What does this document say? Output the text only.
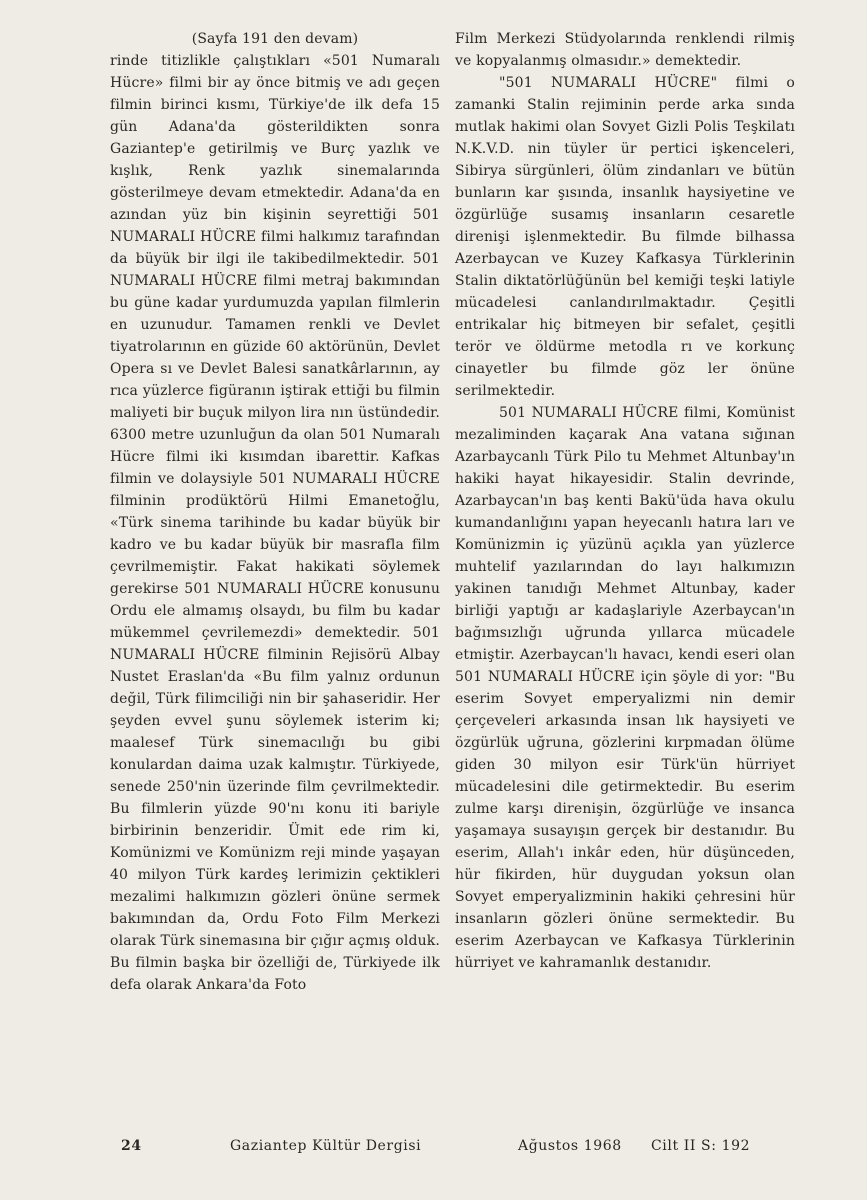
(Sayfa 191 den devam)

rinde titizlikle çalıştıkları «501 Numaralı Hücre» filmi bir ay önce bitmiş ve adı geçen filmin birinci kısmı, Türkiye'de ilk defa 15 gün Adana'da gösterildikten sonra Gaziantep'e getirilmiş ve Burç yazlık ve kışlık, Renk yazlık sinemalarında gösterilmeye devam etmektedir. Adana'da en azından yüz bin kişinin seyrettiği 501 NUMARALI HÜCRE filmi halkımız tarafından da büyük bir ilgi ile takibedilmektedir. 501 NUMARALI HÜCRE filmi metraj bakımından bu güne kadar yurdumuzda yapılan filmlerin en uzunudur. Tamamen renkli ve Devlet tiyatrolarının en güzide 60 aktörünün, Devlet Opera sı ve Devlet Balesi sanatkârlarının, ay rıca yüzlerce figüranın iştirak ettiği bu filmin maliyeti bir buçuk milyon lira nın üstündedir. 6300 metre uzunluğun da olan 501 Numaralı Hücre filmi iki kısımdan ibarettir. Kafkas filmin ve dolaysiyle 501 NUMARALI HÜCRE filminin prodüktörü Hilmi Emanetoğlu, «Türk sinema tarihinde bu kadar büyük bir kadro ve bu kadar büyük bir masrafla film çevrilmemiştir. Fakat hakikati söylemek gerekirse 501 NUMARALI HÜCRE konusunu Ordu ele almamış olsaydı, bu film bu kadar mükemmel çevrilemezdi» demektedir. 501 NUMARALI HÜCRE filminin Rejisörü Albay Nustet Eraslan'da «Bu film yalnız ordunun değil, Türk filimciliği nin bir şahaseridir. Her şeyden evvel şunu söylemek isterim ki; maalesef Türk sinemacılığı bu gibi konulardan daima uzak kalmıştır. Türkiyede, senede 250'nin üzerinde film çevrilmektedir. Bu filmlerin yüzde 90'nı konu iti bariyle birbirinin benzeridir. Ümit ede rim ki, Komünizmi ve Komünizm reji minde yaşayan 40 milyon Türk kardeş lerimizin çektikleri mezalimi halkımızın gözleri önüne sermek bakımından da, Ordu Foto Film Merkezi olarak Türk sinemasına bir çığır açmış olduk. Bu filmin başka bir özelliği de, Türkiyede ilk defa olarak Ankara'da Foto

Film Merkezi Stüdyolarında renklendi rilmiş ve kopyalanmış olmasıdır.» demektedir.

"501 NUMARALI HÜCRE" filmi o zamanki Stalin rejiminin perde arka sında mutlak hakimi olan Sovyet Gizli Polis Teşkilatı N.K.V.D. nin tüyler ür pertici işkenceleri, Sibirya sürgünleri, ölüm zindanları ve bütün bunların kar şısında, insanlık haysiyetine ve özgürlüğe susamış insanların cesaretle direnişi işlenmektedir. Bu filmde bilhassa Azerbaycan ve Kuzey Kafkasya Türklerinin Stalin diktatörlüğünün bel kemiği teşki latiyle mücadelesi canlandırılmaktadır. Çeşitli entrikalar hiç bitmeyen bir sefalet, çeşitli terör ve öldürme metodla rı ve korkunç cinayetler bu filmde göz ler önüne serilmektedir.

501 NUMARALI HÜCRE filmi, Komünist mezaliminden kaçarak Ana vatana sığınan Azarbaycanlı Türk Pilo tu Mehmet Altunbay'ın hakiki hayat hikayesidir. Stalin devrinde, Azarbaycan'ın baş kenti Bakü'üda hava okulu kumandanlığını yapan heyecanlı hatıra ları ve Komünizmin iç yüzünü açıkla yan yüzlerce muhtelif yazılarından do layı halkımızın yakinen tanıdığı Mehmet Altunbay, kader birliği yaptığı ar kadaşlariyle Azerbaycan'ın bağımsızlığı uğrunda yıllarca mücadele etmiştir. Azerbaycan'lı havacı, kendi eseri olan 501 NUMARALI HÜCRE için şöyle di yor: "Bu eserim Sovyet emperyalizmi nin demir çerçeveleri arkasında insan lık haysiyeti ve özgürlük uğruna, gözlerini kırpmadan ölüme giden 30 milyon esir Türk'ün hürriyet mücadelesini dile getirmektedir. Bu eserim zulme karşı direnişin, özgürlüğe ve insanca yaşamaya susayışın gerçek bir destanıdır. Bu eserim, Allah'ı inkâr eden, hür düşünceden, hür fikirden, hür duygudan yoksun olan Sovyet emperyalizminin hakiki çehresini hür insanların gözleri önüne sermektedir. Bu eserim Azerbaycan ve Kafkasya Türklerinin hürriyet ve kahramanlık destanıdır.

24	Gaziantep Kültür Dergisi	Ağustos 1968 Cilt II S: 192
